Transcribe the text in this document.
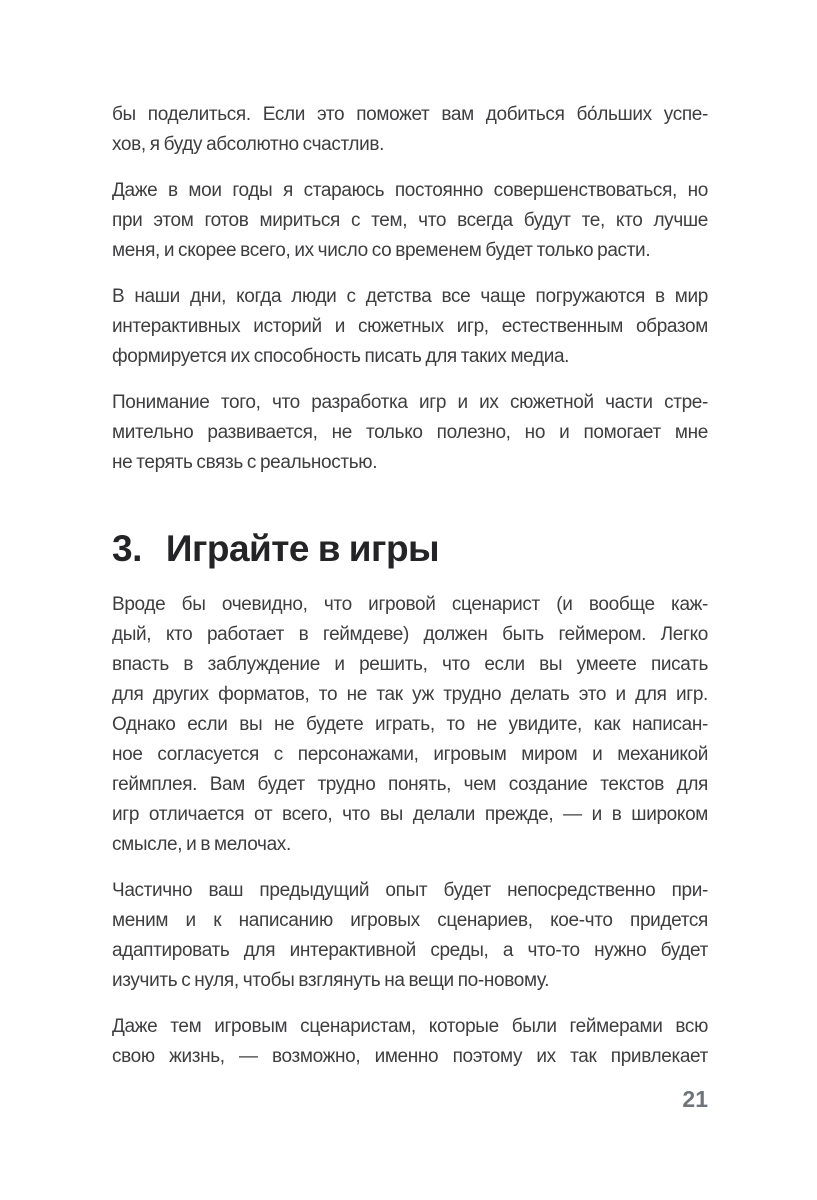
бы поделиться. Если это поможет вам добиться бо́льших успе-
хов, я буду абсолютно счастлив.

Даже в мои годы я стараюсь постоянно совершенствоваться, но
при этом готов мириться с тем, что всегда будут те, кто лучше
меня, и скорее всего, их число со временем будет только расти.

В наши дни, когда люди с детства все чаще погружаются в мир
интерактивных историй и сюжетных игр, естественным образом
формируется их способность писать для таких медиа.

Понимание того, что разработка игр и их сюжетной части стре-
мительно развивается, не только полезно, но и помогает мне
не терять связь с реальностью.

3. Играйте в игры

Вроде бы очевидно, что игровой сценарист (и вообще каж-
дый, кто работает в геймдеве) должен быть геймером. Легко
впасть в заблуждение и решить, что если вы умеете писать
для других форматов, то не так уж трудно делать это и для игр.
Однако если вы не будете играть, то не увидите, как написан-
ное согласуется с персонажами, игровым миром и механикой
геймплея. Вам будет трудно понять, чем создание текстов для
игр отличается от всего, что вы делали прежде, — и в широком
смысле, и в мелочах.

Частично ваш предыдущий опыт будет непосредственно при-
меним и к написанию игровых сценариев, кое-что придется
адаптировать для интерактивной среды, а что-то нужно будет
изучить с нуля, чтобы взглянуть на вещи по-новому.

Даже тем игровым сценаристам, которые были геймерами всю
свою жизнь, — возможно, именно поэтому их так привлекает

21
